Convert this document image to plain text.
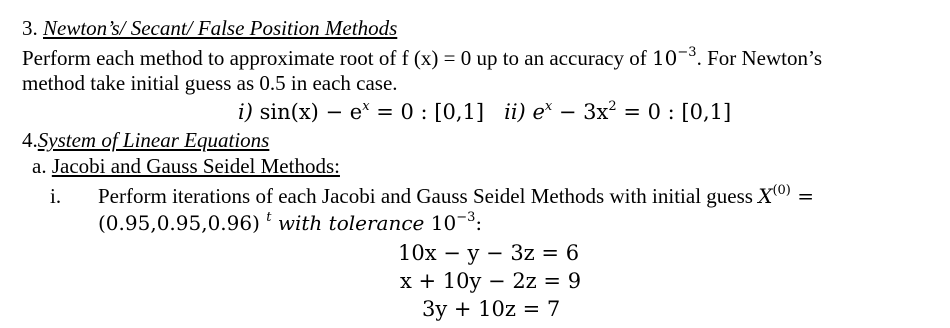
3. Newton’s/ Secant/ False Position Methods
Perform each method to approximate root of f (x) = 0 up to an accuracy of $10^{-3}$. For Newton’s
method take initial guess as 0.5 in each case.
i) $\sin(x) - e^x = 0$ : [0,1] ii) $e^x - 3x^2 = 0$ : [0,1]
4.System of Linear Equations
a. Jacobi and Gauss Seidel Methods:
i. Perform iterations of each Jacobi and Gauss Seidel Methods with initial guess $X^{(0)}$ =
(0.95,0.95,0.96) $^t$ with tolerance $10^{-3}$:
10x − y − 3z = 6
x + 10y − 2z = 9
3y + 10z = 7
